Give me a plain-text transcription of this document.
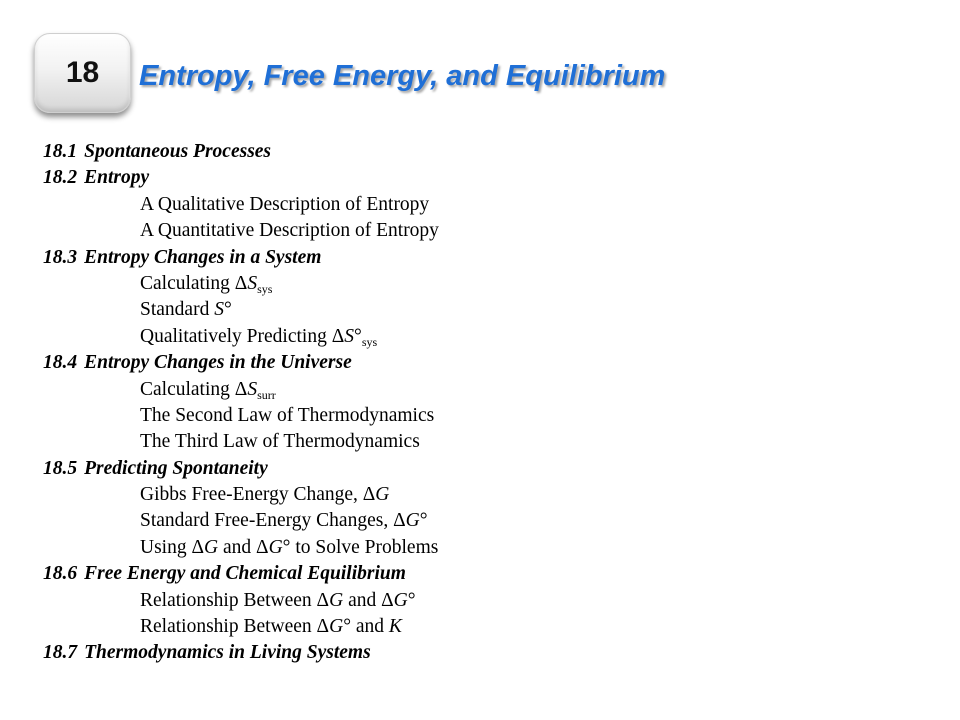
18 Entropy, Free Energy, and Equilibrium
18.1 Spontaneous Processes
18.2 Entropy
A Qualitative Description of Entropy
A Quantitative Description of Entropy
18.3 Entropy Changes in a System
Calculating $\Delta S_{sys}$
Standard S°
Qualitatively Predicting $\Delta S^\circ_{sys}$
18.4 Entropy Changes in the Universe
Calculating $\Delta S_{surr}$
The Second Law of Thermodynamics
The Third Law of Thermodynamics
18.5 Predicting Spontaneity
Gibbs Free-Energy Change, ΔG
Standard Free-Energy Changes, ΔG°
Using ΔG and ΔG° to Solve Problems
18.6 Free Energy and Chemical Equilibrium
Relationship Between ΔG and ΔG°
Relationship Between ΔG° and K
18.7 Thermodynamics in Living Systems
